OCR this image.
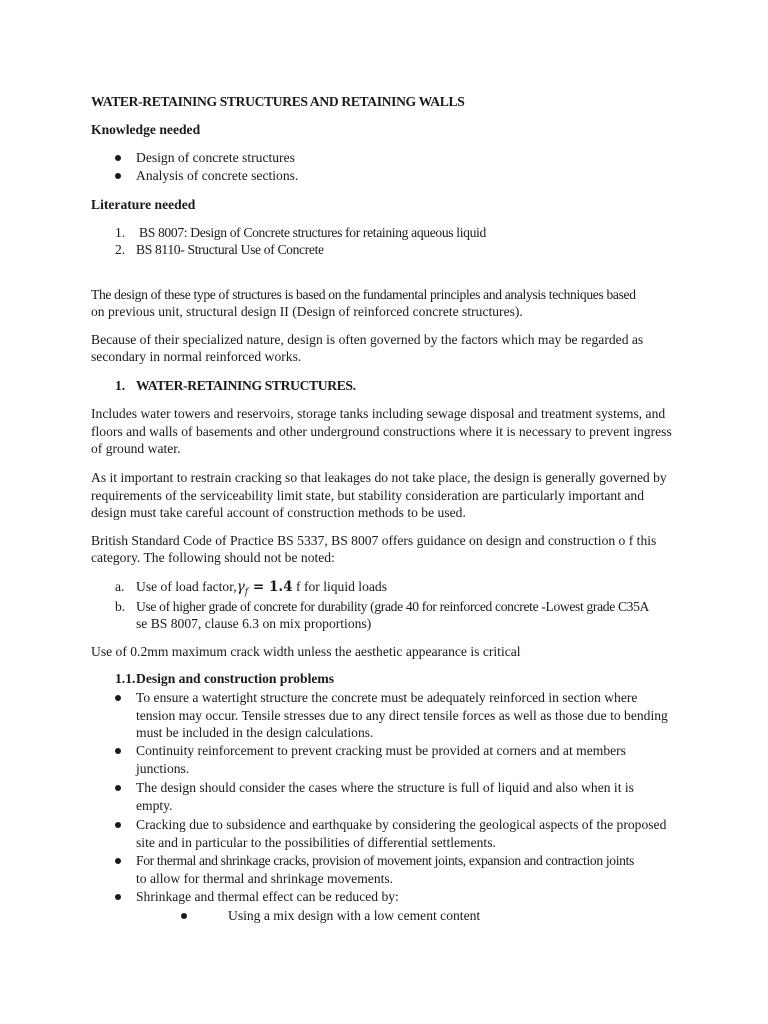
WATER-RETAINING STRUCTURES AND RETAINING WALLS

Knowledge needed

Design of concrete structures

Analysis of concrete sections.

Literature needed

1. BS 8007: Design of Concrete structures for retaining aqueous liquid

2. BS 8110- Structural Use of Concrete

The design of these type of structures is based on the fundamental principles and analysis techniques based

on previous unit, structural design II (Design of reinforced concrete structures).

Because of their specialized nature, design is often governed by the factors which may be regarded as

secondary in normal reinforced works.

1. WATER-RETAINING STRUCTURES.

Includes water towers and reservoirs, storage tanks including sewage disposal and treatment systems, and

floors and walls of basements and other underground constructions where it is necessary to prevent ingress

of ground water.

As it important to restrain cracking so that leakages do not take place, the design is generally governed by

requirements of the serviceability limit state, but stability consideration are particularly important and

design must take careful account of construction methods to be used.

British Standard Code of Practice BS 5337, BS 8007 offers guidance on design and construction o f this

category. The following should not be noted:

a. Use of load $factor,\gamma_f = 1.4$ f for liquid loads

b. Use of higher grade of concrete for durability (grade 40 for reinforced concrete -Lowest grade C35A

se BS 8007, clause 6.3 on mix proportions)

Use of 0.2mm maximum crack width unless the aesthetic appearance is critical

1.1. Design and construction problems

To ensure a watertight structure the concrete must be adequately reinforced in section where

tension may occur. Tensile stresses due to any direct tensile forces as well as those due to bending

must be included in the design calculations.

Continuity reinforcement to prevent cracking must be provided at corners and at members

junctions.

The design should consider the cases where the structure is full of liquid and also when it is

empty.

Cracking due to subsidence and earthquake by considering the geological aspects of the proposed

site and in particular to the possibilities of differential settlements.

For thermal and shrinkage cracks, provision of movement joints, expansion and contraction joints

to allow for thermal and shrinkage movements.

Shrinkage and thermal effect can be reduced by:

Using a mix design with a low cement content
